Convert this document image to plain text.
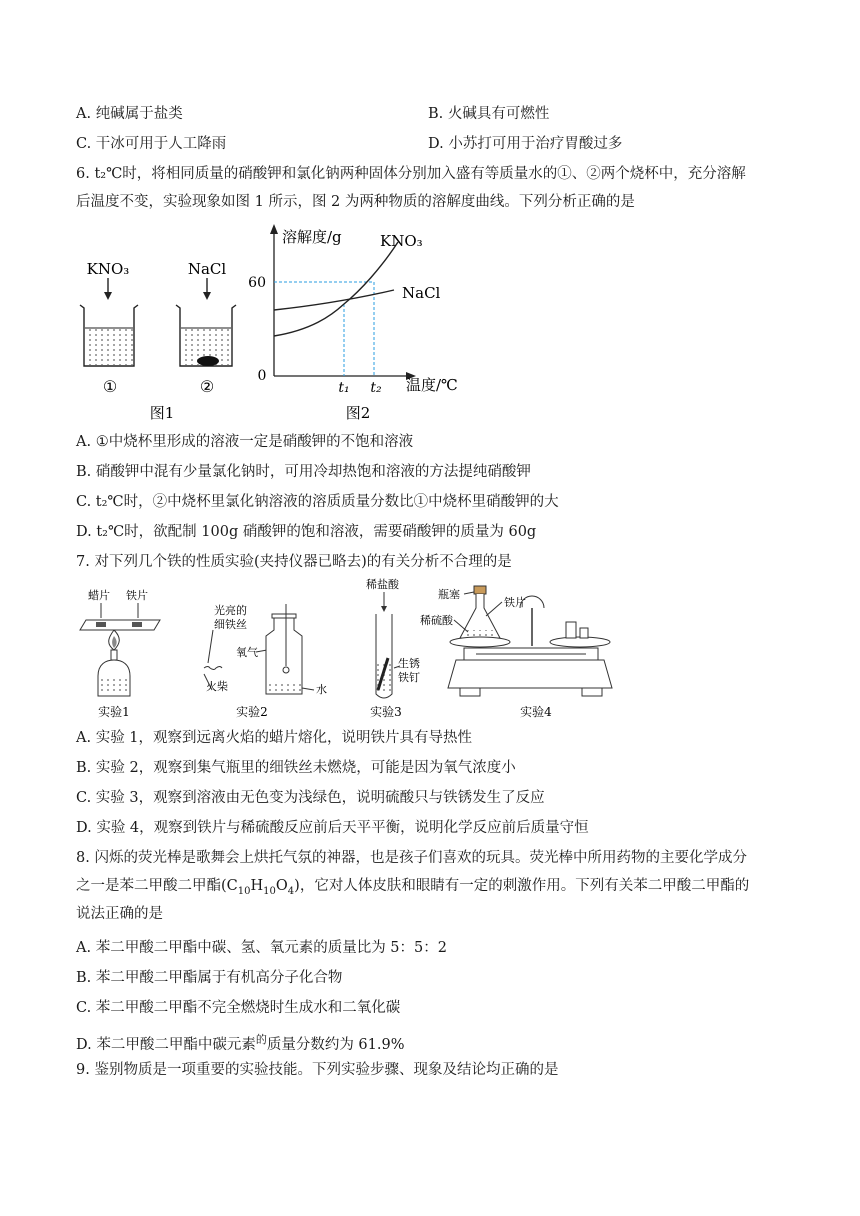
A. 纯碱属于盐类	B. 火碱具有可燃性
C. 干冰可用于人工降雨	D. 小苏打可用于治疗胃酸过多
6. t₂℃时，将相同质量的硝酸钾和氯化钠两种固体分别加入盛有等质量水的①、②两个烧杯中，充分溶解
后温度不变，实验现象如图 1 所示，图 2 为两种物质的溶解度曲线。下列分析正确的是
KNO₃
①
NaCl
②
图1
溶解度/g
温度/℃
0
60
KNO₃
NaCl
t₁ t₂
图2
A. ①中烧杯里形成的溶液一定是硝酸钾的不饱和溶液
B. 硝酸钾中混有少量氯化钠时，可用冷却热饱和溶液的方法提纯硝酸钾
C. t₂℃时，②中烧杯里氯化钠溶液的溶质质量分数比①中烧杯里硝酸钾的大
D. t₂℃时，欲配制 100g 硝酸钾的饱和溶液，需要硝酸钾的质量为 60g
7. 对下列几个铁的性质实验(夹持仪器已略去)的有关分析不合理的是
蜡片 铁片
实验1
光亮的
细铁丝
火柴
氧气
水
实验2
稀盐酸
生锈
铁钉
实验3
瓶塞
铁片
稀硫酸
实验4
A. 实验 1，观察到远离火焰的蜡片熔化，说明铁片具有导热性
B. 实验 2，观察到集气瓶里的细铁丝未燃烧，可能是因为氧气浓度小
C. 实验 3，观察到溶液由无色变为浅绿色，说明硫酸只与铁锈发生了反应
D. 实验 4，观察到铁片与稀硫酸反应前后天平平衡，说明化学反应前后质量守恒
8. 闪烁的荧光棒是歌舞会上烘托气氛的神器，也是孩子们喜欢的玩具。荧光棒中所用药物的主要化学成分
之一是苯二甲酸二甲酯$(C_{10}H_{10}O_4)$，它对人体皮肤和眼睛有一定的刺激作用。下列有关苯二甲酸二甲酯的
说法正确的是
A. 苯二甲酸二甲酯中碳、氢、氧元素的质量比为 5：5：2
B. 苯二甲酸二甲酯属于有机高分子化合物
C. 苯二甲酸二甲酯不完全燃烧时生成水和二氧化碳
D. 苯二甲酸二甲酯中碳元素$^的$质量分数约为 61.9%
9. 鉴别物质是一项重要的实验技能。下列实验步骤、现象及结论均正确的是
